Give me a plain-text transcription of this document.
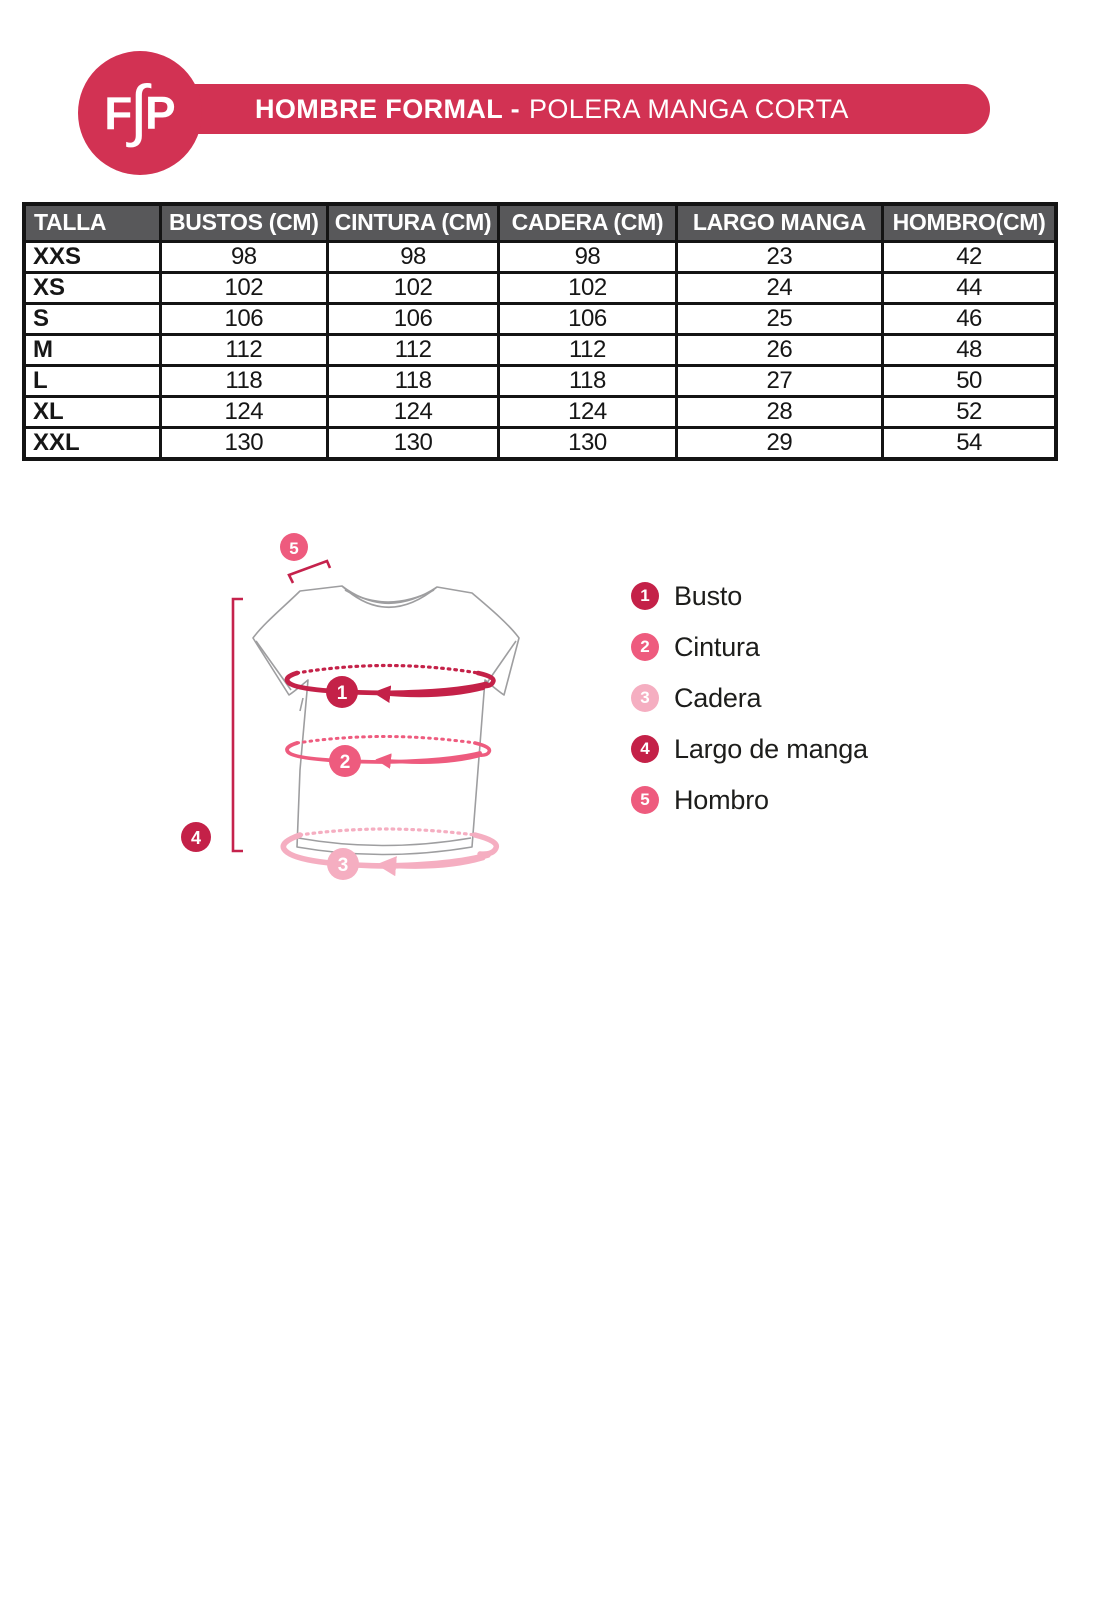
HOMBRE FORMAL - POLERA MANGA CORTA
F
∫
P
TALLA	BUSTOS (CM)	CINTURA (CM)	CADERA (CM)	LARGO MANGA	HOMBRO(CM)
XXS	98	98	98	23	42
XS	102	102	102	24	44
S	106	106	106	25	46
M	112	112	112	26	48
L	118	118	118	27	50
XL	124	124	124	28	52
XXL	130	130	130	29	54
1
2
3
4
5
1 Busto
2 Cintura
3 Cadera
4 Largo de manga
5 Hombro
